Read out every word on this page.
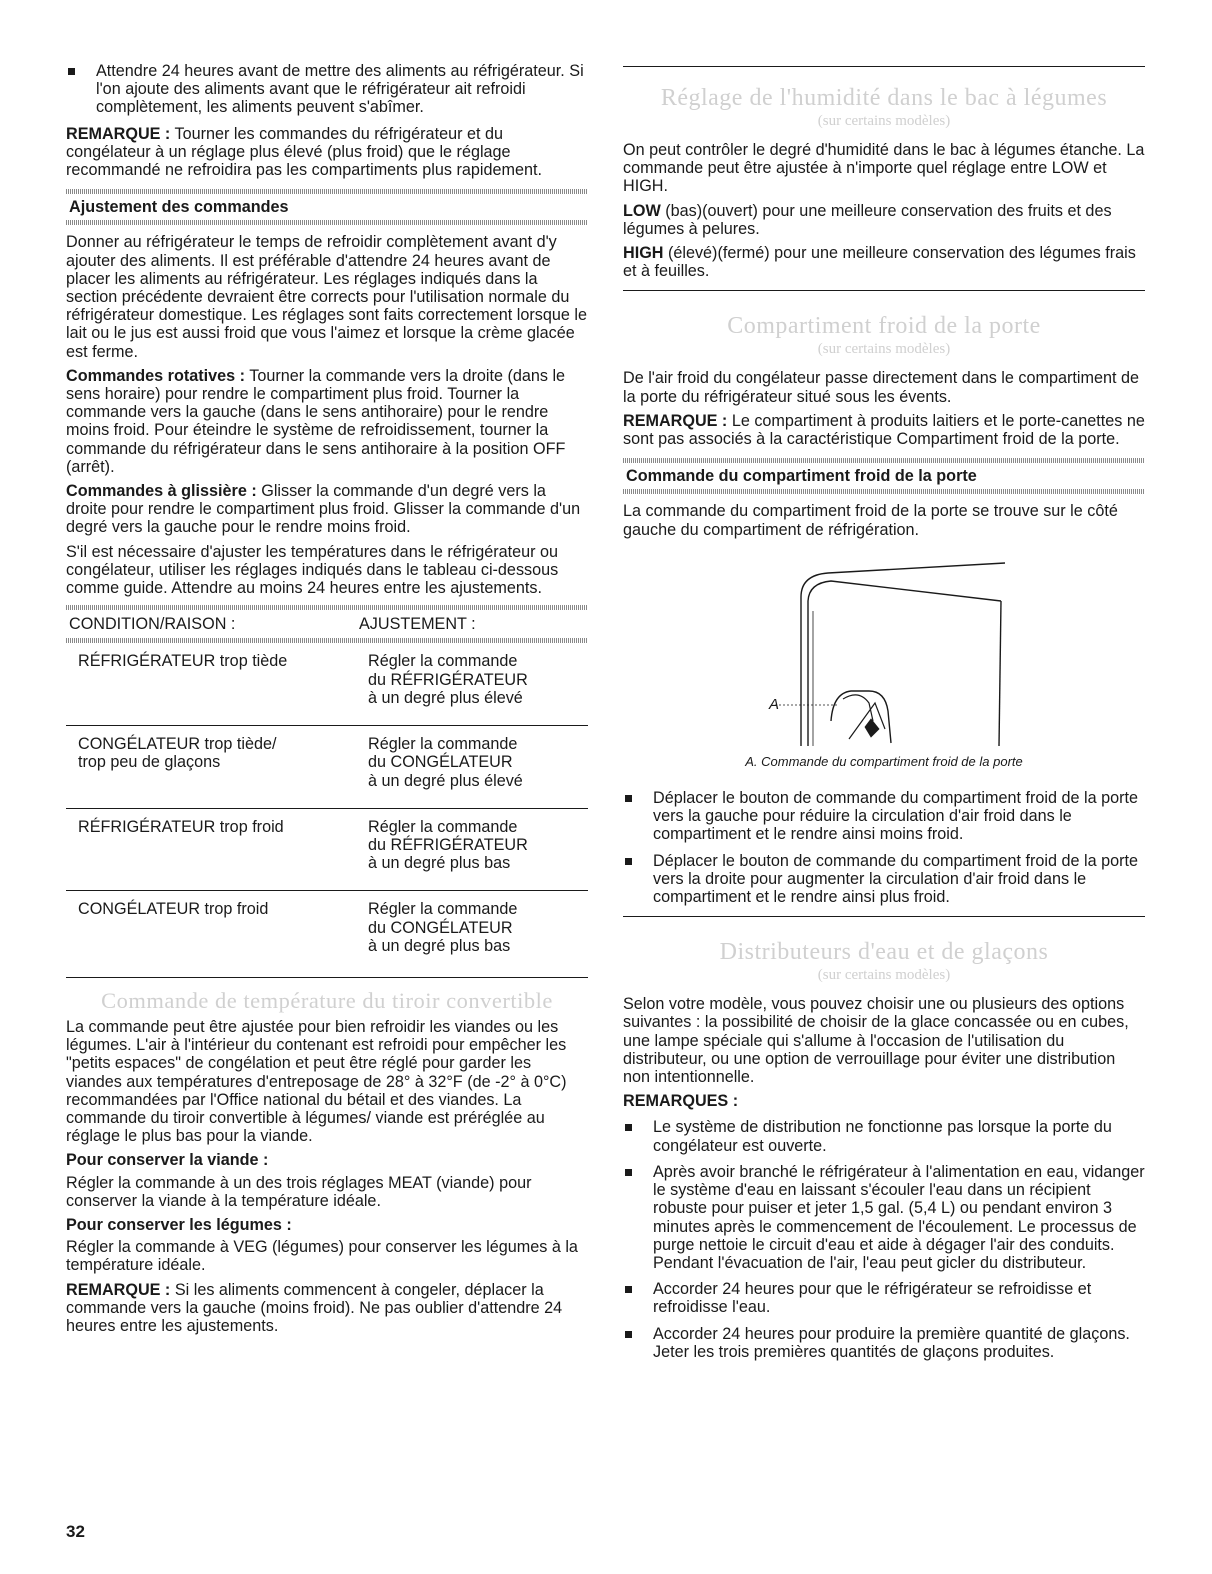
Attendre 24 heures avant de mettre des aliments au réfrigérateur. Si l'on ajoute des aliments avant que le réfrigérateur ait refroidi complètement, les aliments peuvent s'abîmer.

REMARQUE : Tourner les commandes du réfrigérateur et du congélateur à un réglage plus élevé (plus froid) que le réglage recommandé ne refroidira pas les compartiments plus rapidement.

Ajustement des commandes

Donner au réfrigérateur le temps de refroidir complètement avant d'y ajouter des aliments. Il est préférable d'attendre 24 heures avant de placer les aliments au réfrigérateur. Les réglages indiqués dans la section précédente devraient être corrects pour l'utilisation normale du réfrigérateur domestique. Les réglages sont faits correctement lorsque le lait ou le jus est aussi froid que vous l'aimez et lorsque la crème glacée est ferme.

Commandes rotatives : Tourner la commande vers la droite (dans le sens horaire) pour rendre le compartiment plus froid. Tourner la commande vers la gauche (dans le sens antihoraire) pour le rendre moins froid. Pour éteindre le système de refroidissement, tourner la commande du réfrigérateur dans le sens antihoraire à la position OFF (arrêt).

Commandes à glissière : Glisser la commande d'un degré vers la droite pour rendre le compartiment plus froid. Glisser la commande d'un degré vers la gauche pour le rendre moins froid.

S'il est nécessaire d'ajuster les températures dans le réfrigérateur ou congélateur, utiliser les réglages indiqués dans le tableau ci-dessous comme guide. Attendre au moins 24 heures entre les ajustements.

CONDITION/RAISON :	AJUSTEMENT :
RÉFRIGÉRATEUR trop tiède	Régler la commande
du RÉFRIGÉRATEUR
à un degré plus élevé
CONGÉLATEUR trop tiède/
trop peu de glaçons	Régler la commande
du CONGÉLATEUR
à un degré plus élevé
RÉFRIGÉRATEUR trop froid	Régler la commande
du RÉFRIGÉRATEUR
à un degré plus bas
CONGÉLATEUR trop froid	Régler la commande
du CONGÉLATEUR
à un degré plus bas
Commande de température du tiroir convertible

La commande peut être ajustée pour bien refroidir les viandes ou les légumes. L'air à l'intérieur du contenant est refroidi pour empêcher les "petits espaces" de congélation et peut être réglé pour garder les viandes aux températures d'entreposage de 28° à 32°F (de -2° à 0°C) recommandées par l'Office national du bétail et des viandes. La commande du tiroir convertible à légumes/ viande est préréglée au réglage le plus bas pour la viande.

Pour conserver la viande :

Régler la commande à un des trois réglages MEAT (viande) pour conserver la viande à la température idéale.

Pour conserver les légumes :

Régler la commande à VEG (légumes) pour conserver les légumes à la température idéale.

REMARQUE : Si les aliments commencent à congeler, déplacer la commande vers la gauche (moins froid). Ne pas oublier d'attendre 24 heures entre les ajustements.

Réglage de l'humidité dans le bac à légumes
(sur certains modèles)

On peut contrôler le degré d'humidité dans le bac à légumes étanche. La commande peut être ajustée à n'importe quel réglage entre LOW et HIGH.

LOW (bas)(ouvert) pour une meilleure conservation des fruits et des légumes à pelures.

HIGH (élevé)(fermé) pour une meilleure conservation des légumes frais et à feuilles.

Compartiment froid de la porte
(sur certains modèles)

De l'air froid du congélateur passe directement dans le compartiment de la porte du réfrigérateur situé sous les évents.

REMARQUE : Le compartiment à produits laitiers et le porte-canettes ne sont pas associés à la caractéristique Compartiment froid de la porte.

Commande du compartiment froid de la porte

La commande du compartiment froid de la porte se trouve sur le côté gauche du compartiment de réfrigération.

A
A. Commande du compartiment froid de la porte
Déplacer le bouton de commande du compartiment froid de la porte vers la gauche pour réduire la circulation d'air froid dans le compartiment et le rendre ainsi moins froid.
Déplacer le bouton de commande du compartiment froid de la porte vers la droite pour augmenter la circulation d'air froid dans le compartiment et le rendre ainsi plus froid.
Distributeurs d'eau et de glaçons
(sur certains modèles)

Selon votre modèle, vous pouvez choisir une ou plusieurs des options suivantes : la possibilité de choisir de la glace concassée ou en cubes, une lampe spéciale qui s'allume à l'occasion de l'utilisation du distributeur, ou une option de verrouillage pour éviter une distribution non intentionnelle.

REMARQUES :

Le système de distribution ne fonctionne pas lorsque la porte du congélateur est ouverte.
Après avoir branché le réfrigérateur à l'alimentation en eau, vidanger le système d'eau en laissant s'écouler l'eau dans un récipient robuste pour puiser et jeter 1,5 gal. (5,4 L) ou pendant environ 3 minutes après le commencement de l'écoulement. Le processus de purge nettoie le circuit d'eau et aide à dégager l'air des conduits. Pendant l'évacuation de l'air, l'eau peut gicler du distributeur.
Accorder 24 heures pour que le réfrigérateur se refroidisse et refroidisse l'eau.
Accorder 24 heures pour produire la première quantité de glaçons. Jeter les trois premières quantités de glaçons produites.
32
